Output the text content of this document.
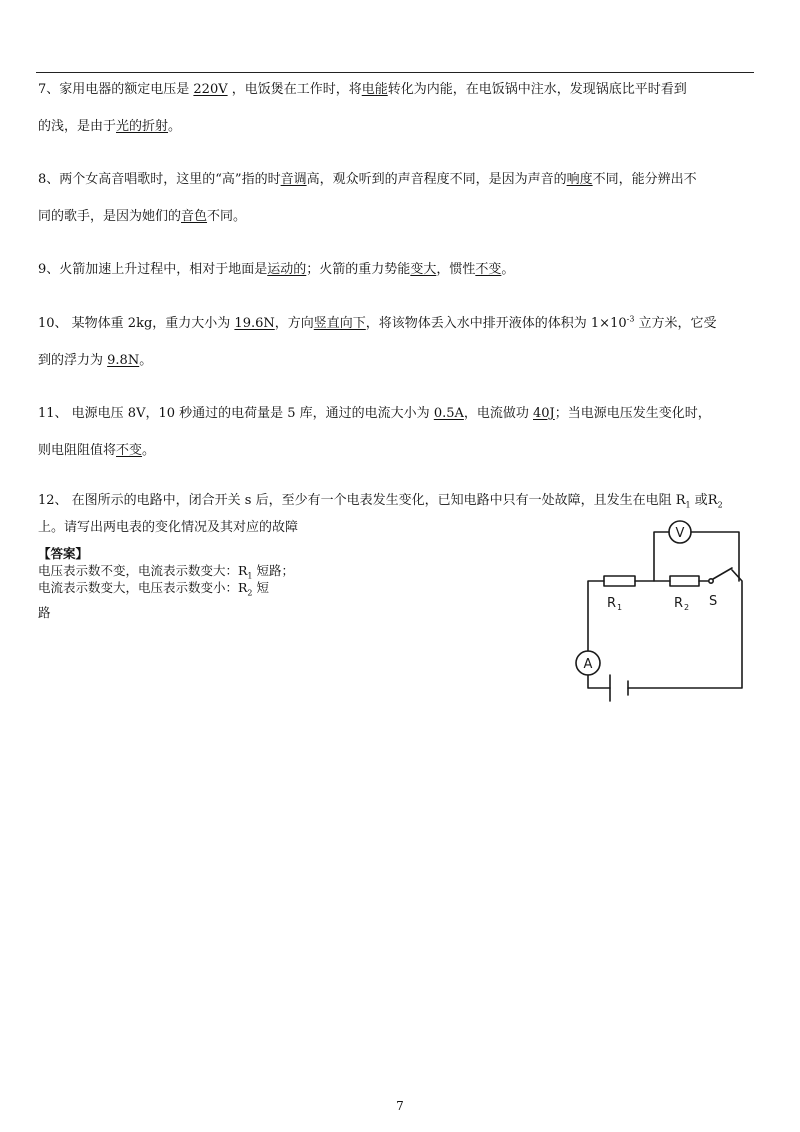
7、家用电器的额定电压是 220V ，电饭煲在工作时，将电能转化为内能，在电饭锅中注水，发现锅底比平时看到
的浅，是由于光的折射。
8、两个女高音唱歌时，这里的“高”指的时音调高，观众听到的声音程度不同，是因为声音的响度不同，能分辨出不
同的歌手，是因为她们的音色不同。
9、火箭加速上升过程中，相对于地面是运动的；火箭的重力势能变大，惯性不变。
10、 某物体重 2kg，重力大小为 19.6N，方向竖直向下，将该物体丢入水中排开液体的体积为 $1\times 10^{-3}$ 立方米，它受
到的浮力为 9.8N。
11、 电源电压 8V，10 秒通过的电荷量是 5 库，通过的电流大小为 0.5A，电流做功 40J；当电源电压发生变化时，
则电阻阻值将不变。
12、 在图所示的电路中，闭合开关 s 后，至少有一个电表发生变化，已知电路中只有一处故障，且发生在电阻 $R_1$ 或$R_2$
上。请写出两电表的变化情况及其对应的故障
【答案】
电压表示数不变，电流表示数变大：$R_1$ 短路；
电流表示数变大，电压表示数变小：$R_2$ 短
路
V
A
R 1	R 2 S
7
